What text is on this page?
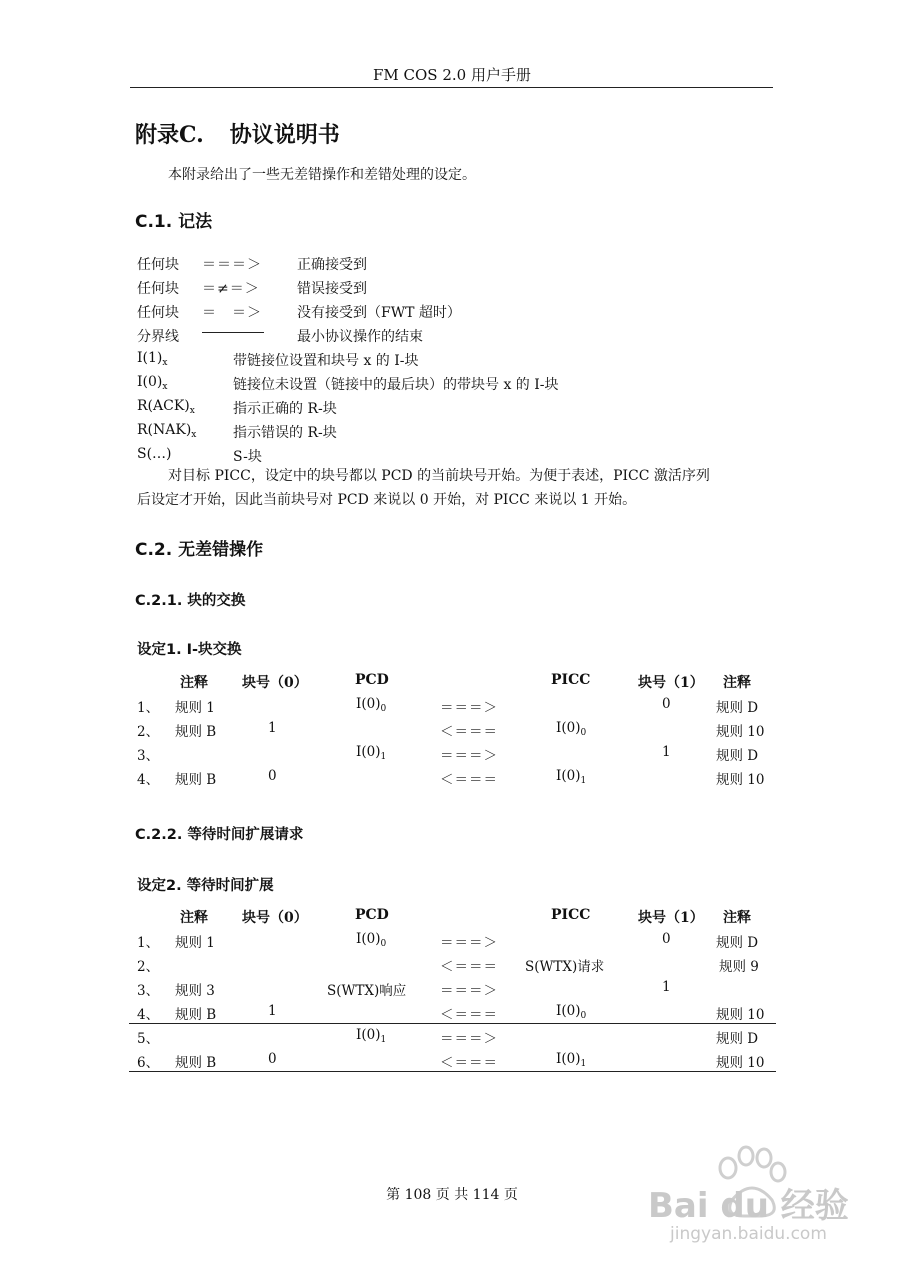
FM COS 2.0 用户手册
附录C. 协议说明书
本附录给出了一些无差错操作和差错处理的设定。
C.1. 记法
任何块 ＝＝＝＞	正确接受到
任何块 ＝≠＝＞	错误接受到
任何块 ＝　＝＞	没有接受到（FWT 超时）
分界线	最小协议操作的结束
$I(1)_x$	带链接位设置和块号 x 的 I-块
$I(0)_x$	链接位未设置（链接中的最后块）的带块号 x 的 I-块
$R(ACK)_x$	指示正确的 R-块
$R(NAK)_x$	指示错误的 R-块
S(…)	S-块
对目标 PICC，设定中的块号都以 PCD 的当前块号开始。为便于表述，PICC 激活序列
后设定才开始，因此当前块号对 PCD 来说以 0 开始，对 PICC 来说以 1 开始。
C.2. 无差错操作
C.2.1. 块的交换
设定1. I-块交换
注释 块号（0）	PCD	PICC	块号（1） 注释
1、 规则 1	$I(0)_0$	＝＝＝＞	0	规则 D
2、 规则 B	1	＜＝＝＝	$I(0)_0$	规则 10
3、	$I(0)_1$	＝＝＝＞	1	规则 D
4、 规则 B	0	＜＝＝＝	$I(0)_1$	规则 10
C.2.2. 等待时间扩展请求
设定2. 等待时间扩展
注释 块号（0）	PCD	PICC	块号（1） 注释
1、 规则 1	$I(0)_0$	＝＝＝＞	0	规则 D
2、	＜＝＝＝ S(WTX)请求	规则 9
3、 规则 3	S(WTX)响应 ＝＝＝＞	1
4、 规则 B	1	＜＝＝＝	$I(0)_0$	规则 10
5、	$I(0)_1$	＝＝＝＞	规则 D
6、 规则 B	0	＜＝＝＝	$I(0)_1$	规则 10
第 108 页 共 114 页	Bai du 经验
jingyan.baidu.com
